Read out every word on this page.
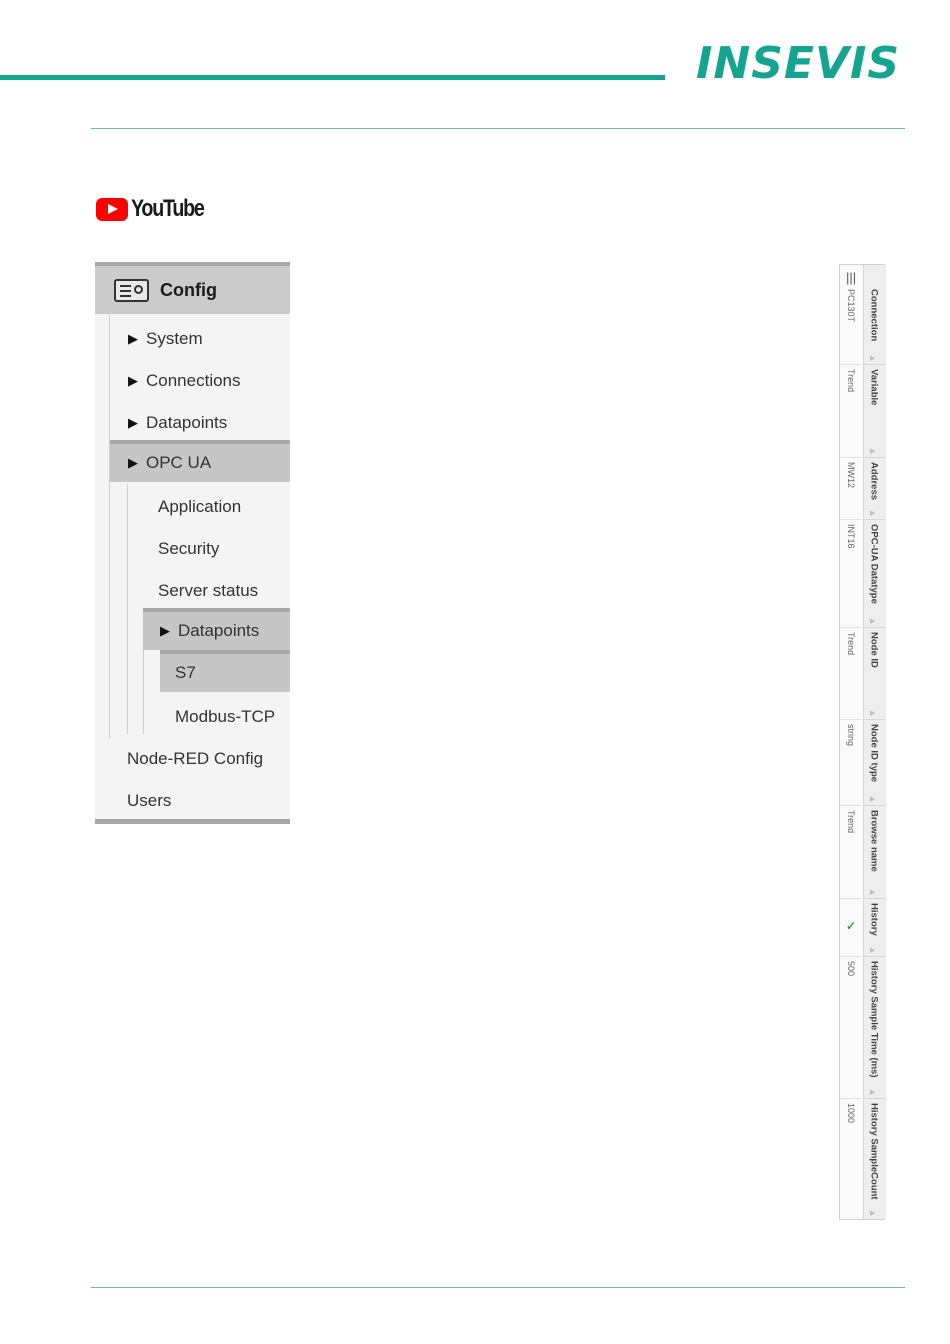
INSEVIS
YouTube
Config
▶ System
▶ Connections
▶ Datapoints
▶ OPC UA
Application
Security
Server status
▶ Datapoints
S7
Modbus-TCP
Node-RED Config
Users
|||
Connection
▶
PC130T
Variable
▶
Trend
Address
▶
MW12
OPC-UA Datatype
▶
INT16
Node ID
▶
Trend
Node ID type
▶
string
Browse name
▶
Trend
History
▶
✓
History Sample Time (ms)
▶
500
History SampleCount
▶
1000
